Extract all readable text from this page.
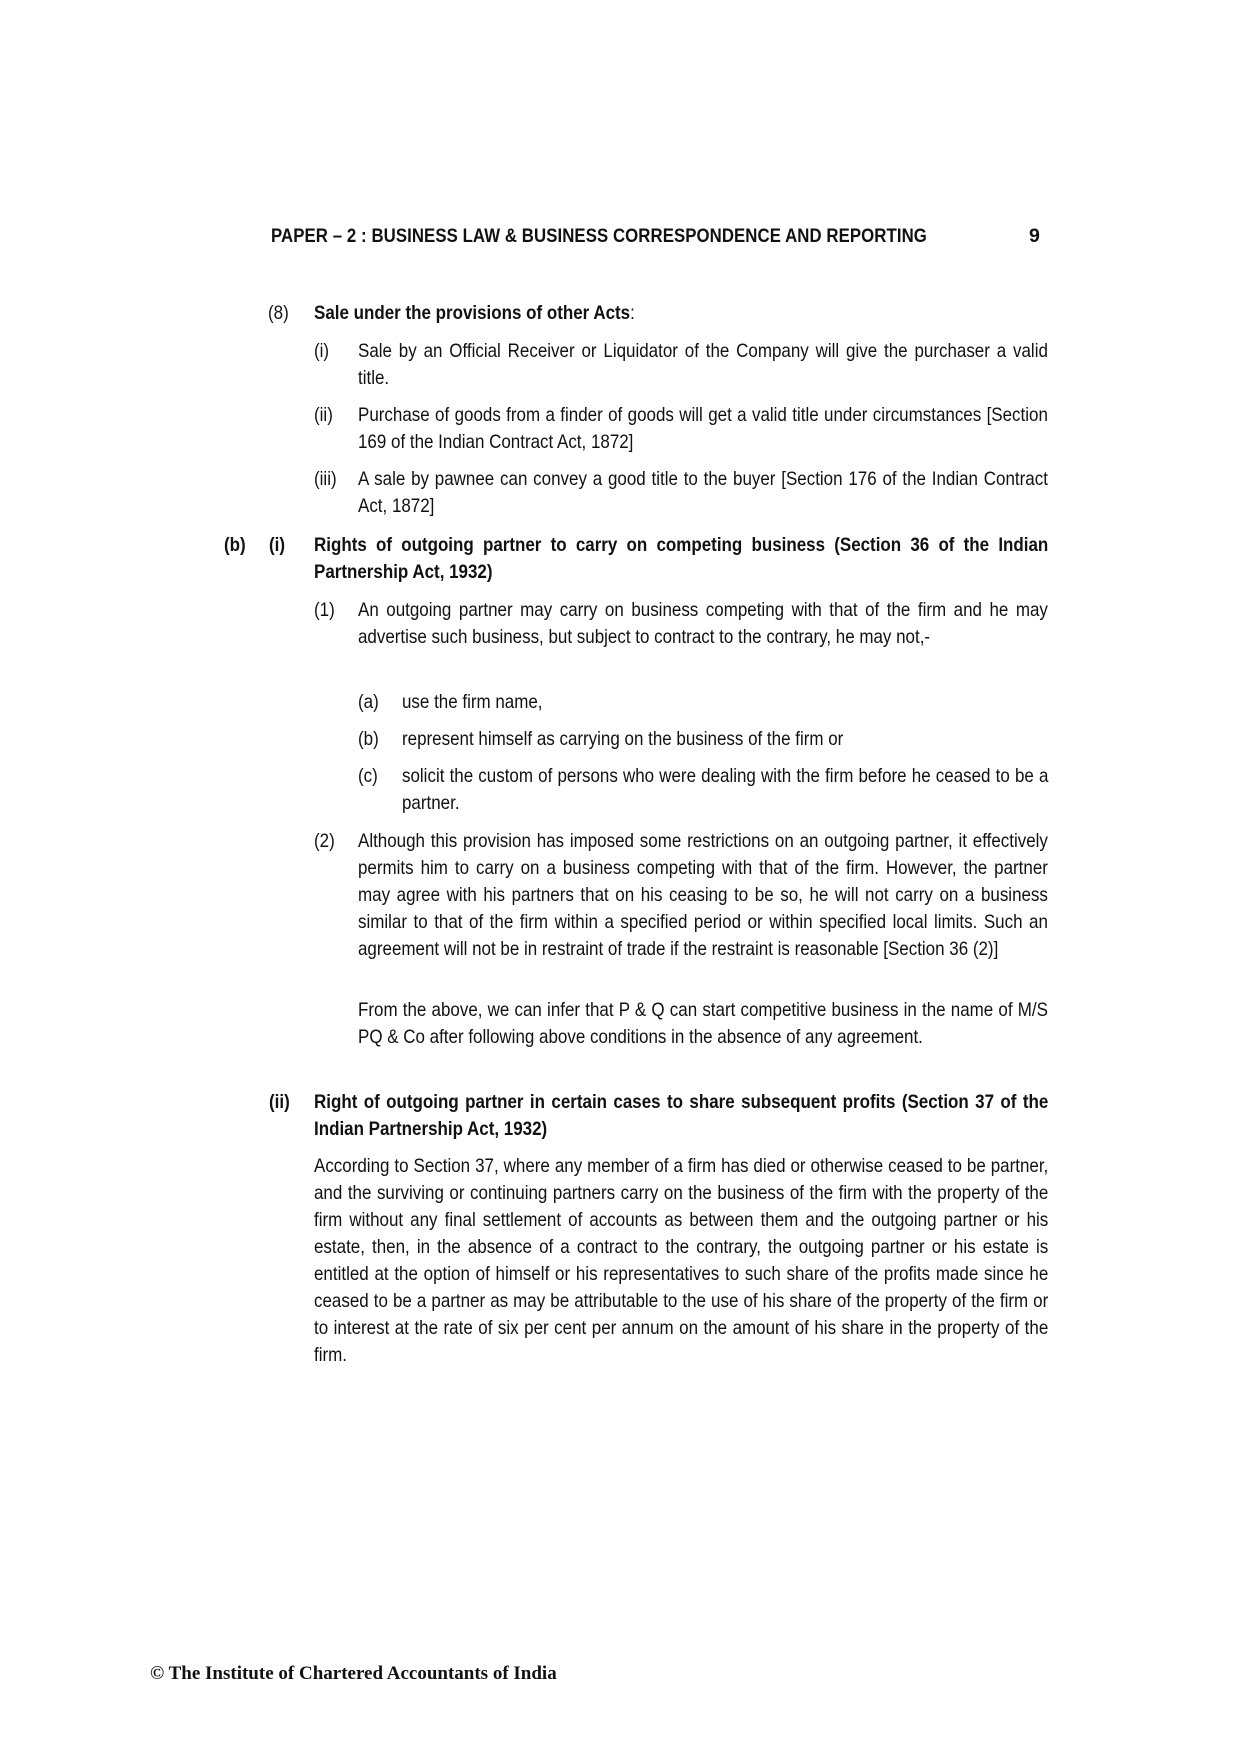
PAPER – 2 : BUSINESS LAW & BUSINESS CORRESPONDENCE AND REPORTING	9
(8) Sale under the provisions of other Acts:
(i) Sale by an Official Receiver or Liquidator of the Company will give the purchaser a valid title.
(ii) Purchase of goods from a finder of goods will get a valid title under circumstances [Section 169 of the Indian Contract Act, 1872]
(iii) A sale by pawnee can convey a good title to the buyer [Section 176 of the Indian Contract Act, 1872]
(b) (i) Rights of outgoing partner to carry on competing business (Section 36 of the Indian Partnership Act, 1932)
(1) An outgoing partner may carry on business competing with that of the firm and he may advertise such business, but subject to contract to the contrary, he may not,-
(a) use the firm name,
(b) represent himself as carrying on the business of the firm or
(c) solicit the custom of persons who were dealing with the firm before he ceased to be a partner.
(2) Although this provision has imposed some restrictions on an outgoing partner, it effectively permits him to carry on a business competing with that of the firm. However, the partner may agree with his partners that on his ceasing to be so, he will not carry on a business similar to that of the firm within a specified period or within specified local limits. Such an agreement will not be in restraint of trade if the restraint is reasonable [Section 36 (2)]
From the above, we can infer that P & Q can start competitive business in the name of M/S PQ & Co after following above conditions in the absence of any agreement.
(ii) Right of outgoing partner in certain cases to share subsequent profits (Section 37 of the Indian Partnership Act, 1932)
According to Section 37, where any member of a firm has died or otherwise ceased to be partner, and the surviving or continuing partners carry on the business of the firm with the property of the firm without any final settlement of accounts as between them and the outgoing partner or his estate, then, in the absence of a contract to the contrary, the outgoing partner or his estate is entitled at the option of himself or his representatives to such share of the profits made since he ceased to be a partner as may be attributable to the use of his share of the property of the firm or to interest at the rate of six per cent per annum on the amount of his share in the property of the firm.
© The Institute of Chartered Accountants of India
